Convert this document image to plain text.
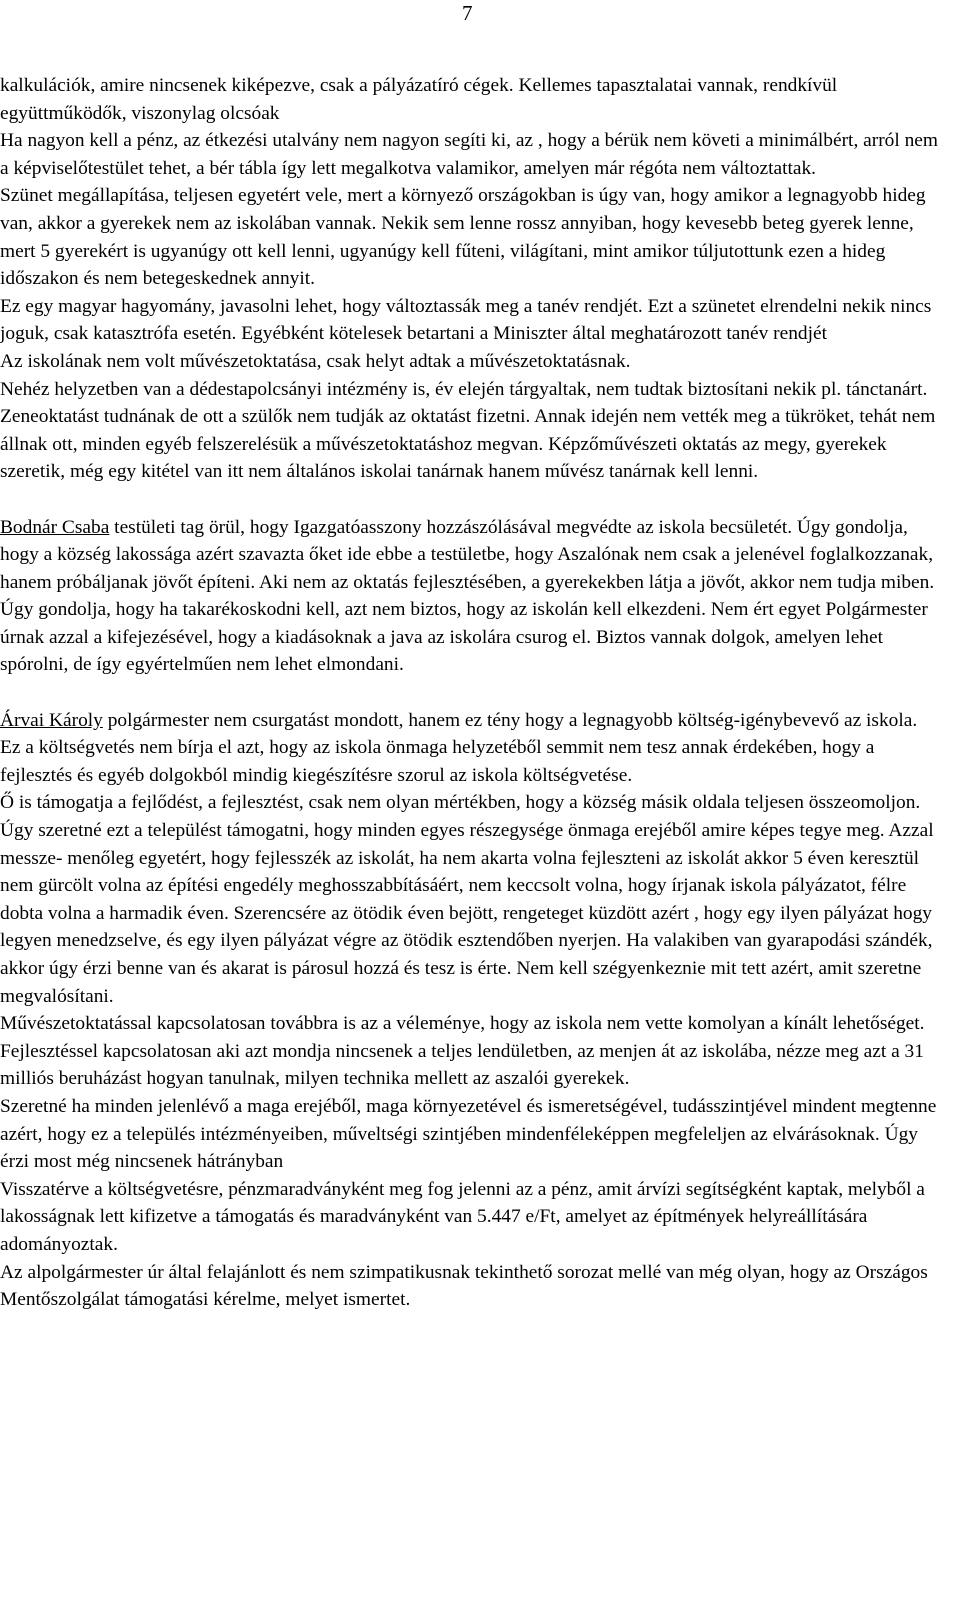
7

kalkulációk, amire nincsenek kiképezve, csak a pályázatíró cégek. Kellemes tapasztalatai vannak, rendkívül együttműködők, viszonylag olcsóak

Ha nagyon kell a pénz, az étkezési utalvány nem nagyon segíti ki, az , hogy a bérük nem követi a minimálbért, arról nem a képviselőtestület tehet, a bér tábla így lett megalkotva valamikor, amelyen már régóta nem változtattak.

Szünet megállapítása, teljesen egyetért vele, mert a környező országokban is úgy van, hogy amikor a legnagyobb hideg van, akkor a gyerekek nem az iskolában vannak. Nekik sem lenne rossz annyiban, hogy kevesebb beteg gyerek lenne, mert 5 gyerekért is ugyanúgy ott kell lenni, ugyanúgy kell fűteni, világítani, mint amikor túljutottunk ezen a hideg időszakon és nem betegeskednek annyit.

Ez egy magyar hagyomány, javasolni lehet, hogy változtassák meg a tanév rendjét. Ezt a szünetet elrendelni nekik nincs joguk, csak katasztrófa esetén. Egyébként kötelesek betartani a Miniszter által meghatározott tanév rendjét

Az iskolának nem volt művészetoktatása, csak helyt adtak a művészetoktatásnak.

Nehéz helyzetben van a dédestapolcsányi intézmény is, év elején tárgyaltak, nem tudtak biztosítani nekik pl. tánctanárt. Zeneoktatást tudnának de ott a szülők nem tudják az oktatást fizetni. Annak idején nem vették meg a tükröket, tehát nem állnak ott, minden egyéb felszerelésük a művészetoktatáshoz megvan. Képzőművészeti oktatás az megy, gyerekek szeretik, még egy kitétel van itt nem általános iskolai tanárnak hanem művész tanárnak kell lenni.

Bodnár Csaba testületi tag örül, hogy Igazgatóasszony hozzászólásával megvédte az iskola becsületét. Úgy gondolja, hogy a község lakossága azért szavazta őket ide ebbe a testületbe, hogy Aszalónak nem csak a jelenével foglalkozzanak, hanem próbáljanak jövőt építeni. Aki nem az oktatás fejlesztésében, a gyerekekben látja a jövőt, akkor nem tudja miben. Úgy gondolja, hogy ha takarékoskodni kell, azt nem biztos, hogy az iskolán kell elkezdeni. Nem ért egyet Polgármester úrnak azzal a kifejezésével, hogy a kiadásoknak a java az iskolára csurog el. Biztos vannak dolgok, amelyen lehet spórolni, de így egyértelműen nem lehet elmondani.

Árvai Károly polgármester nem csurgatást mondott, hanem ez tény hogy a legnagyobb költség-igénybevevő az iskola. Ez a költségvetés nem bírja el azt, hogy az iskola önmaga helyzetéből semmit nem tesz annak érdekében, hogy a fejlesztés és egyéb dolgokból mindig kiegészítésre szorul az iskola költségvetése.

Ő is támogatja a fejlődést, a fejlesztést, csak nem olyan mértékben, hogy a község másik oldala teljesen összeomoljon. Úgy szeretné ezt a települést támogatni, hogy minden egyes részegysége önmaga erejéből amire képes tegye meg. Azzal messze- menőleg egyetért, hogy fejlesszék az iskolát, ha nem akarta volna fejleszteni az iskolát akkor 5 éven keresztül nem gürcölt volna az építési engedély meghosszabbításáért, nem keccsolt volna, hogy írjanak iskola pályázatot, félre dobta volna a harmadik éven. Szerencsére az ötödik éven bejött, rengeteget küzdött azért , hogy egy ilyen pályázat hogy legyen menedzselve, és egy ilyen pályázat végre az ötödik esztendőben nyerjen. Ha valakiben van gyarapodási szándék, akkor úgy érzi benne van és akarat is párosul hozzá és tesz is érte. Nem kell szégyenkeznie mit tett azért, amit szeretne megvalósítani.

Művészetoktatással kapcsolatosan továbbra is az a véleménye, hogy az iskola nem vette komolyan a kínált lehetőséget.

Fejlesztéssel kapcsolatosan aki azt mondja nincsenek a teljes lendületben, az menjen át az iskolába, nézze meg azt a 31 milliós beruházást hogyan tanulnak, milyen technika mellett az aszalói gyerekek.

Szeretné ha minden jelenlévő a maga erejéből, maga környezetével és ismeretségével, tudásszintjével mindent megtenne azért, hogy ez a település intézményeiben, műveltségi szintjében mindenféleképpen megfeleljen az elvárásoknak. Úgy érzi most még nincsenek hátrányban

Visszatérve a költségvetésre, pénzmaradványként meg fog jelenni az a pénz, amit árvízi segítségként kaptak, melyből a lakosságnak lett kifizetve a támogatás és maradványként van 5.447 e/Ft, amelyet az építmények helyreállítására adományoztak.

Az alpolgármester úr által felajánlott és nem szimpatikusnak tekinthető sorozat mellé van még olyan, hogy az Országos Mentőszolgálat támogatási kérelme, melyet ismertet.
